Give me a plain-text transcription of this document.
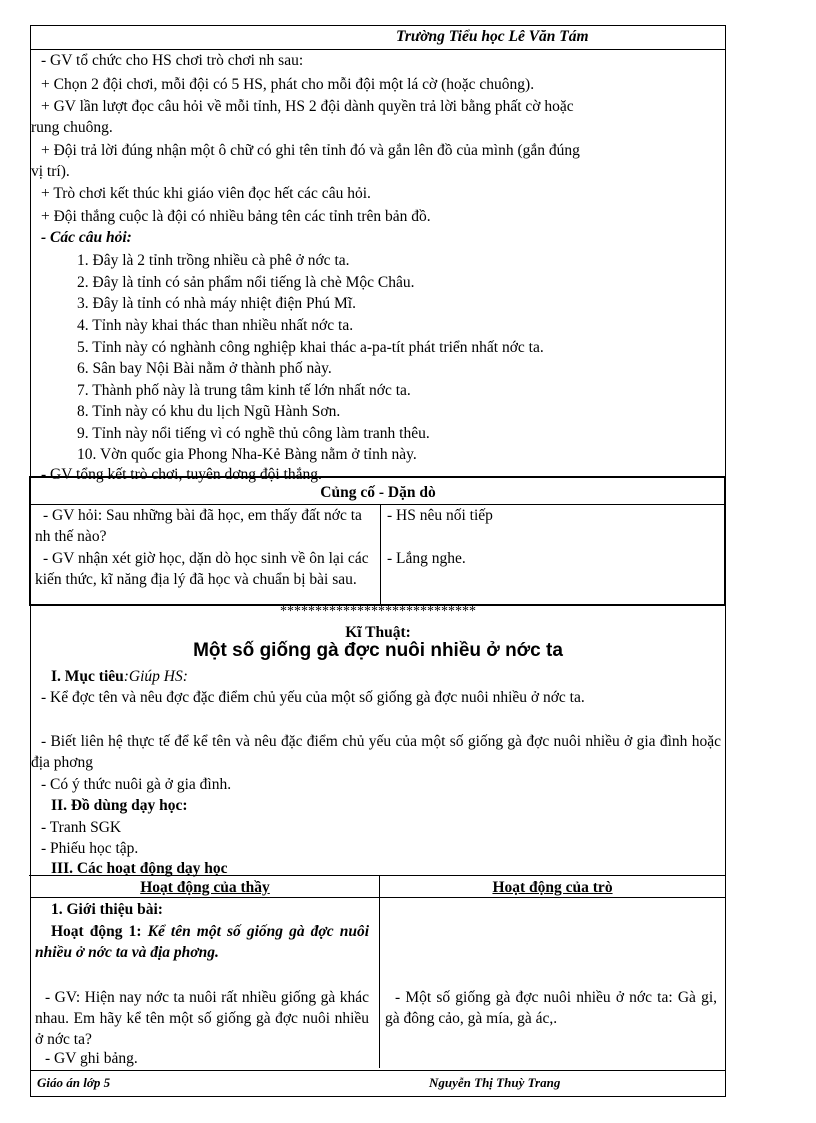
Trường Tiểu học Lê Văn Tám
- GV tổ chức cho HS chơi trò chơi nh sau:
+ Chọn 2 đội chơi, mỗi đội có 5 HS, phát cho mỗi đội một lá cờ (hoặc chuông).
+ GV lần lượt đọc câu hỏi về mỗi tỉnh, HS 2 đội dành quyền trả lời bằng phất cờ hoặc
rung chuông.
+ Đội trả lời đúng nhận một ô chữ có ghi tên tỉnh đó và gắn lên đồ của mình (gắn đúng
vị trí).
+ Trò chơi kết thúc khi giáo viên đọc hết các câu hỏi.
+ Đội thắng cuộc là đội có nhiều bảng tên các tỉnh trên bản đồ.
- Các câu hỏi:
1. Đây là 2 tỉnh trồng nhiều cà phê ở nớc ta.
2. Đây là tỉnh có sản phẩm nổi tiếng là chè Mộc Châu.
3. Đây là tỉnh có nhà máy nhiệt điện Phú Mĩ.
4. Tỉnh này khai thác than nhiều nhất nớc ta.
5. Tỉnh này có nghành công nghiệp khai thác a-pa-tít phát triển nhất nớc ta.
6. Sân bay Nội Bài nằm ở thành phố này.
7. Thành phố này là trung tâm kinh tế lớn nhất nớc ta.
8. Tỉnh này có khu du lịch Ngũ Hành Sơn.
9. Tỉnh này nổi tiếng vì có nghề thủ công làm tranh thêu.
10. Vờn quốc gia Phong Nha-Kẻ Bàng nằm ở tỉnh này.
- GV tổng kết trò chơi, tuyên dơng đội thắng.
Củng cố - Dặn dò
- GV hỏi: Sau những bài đã học, em thấy đất nớc ta nh thế nào?
- HS nêu nối tiếp
- GV nhận xét giờ học, dặn dò học sinh về ôn lại các kiến thức, kĩ năng địa lý đã học và chuẩn bị bài sau.
- Lắng nghe.
****************************
Kĩ Thuật:
Một số giống gà đợc nuôi nhiều ở nớc ta
I. Mục tiêu:Giúp HS:
- Kể đợc tên và nêu đợc đặc điểm chủ yếu của một số giống gà đợc nuôi nhiều ở nớc ta.
- Biết liên hệ thực tế để kể tên và nêu đặc điểm chủ yếu của một số giống gà đợc nuôi nhiều ở gia đình hoặc địa phơng
- Có ý thức nuôi gà ở gia đình.
II. Đồ dùng dạy học:
- Tranh SGK
- Phiếu học tập.
III. Các hoạt động dạy học
Hoạt động của thầy	Hoạt động của trò
1. Giới thiệu bài:
Hoạt động 1: Kể tên một số giống gà đợc nuôi nhiều ở nớc ta và địa phơng.
- GV: Hiện nay nớc ta nuôi rất nhiều giống gà khác nhau. Em hãy kể tên một số giống gà đợc nuôi nhiều ở nớc ta?
- GV ghi bảng.
- Một số giống gà đợc nuôi nhiều ở nớc ta: Gà gi, gà đông cảo, gà mía, gà ác,.
Giáo án lớp 5	Nguyễn Thị Thuỳ Trang
